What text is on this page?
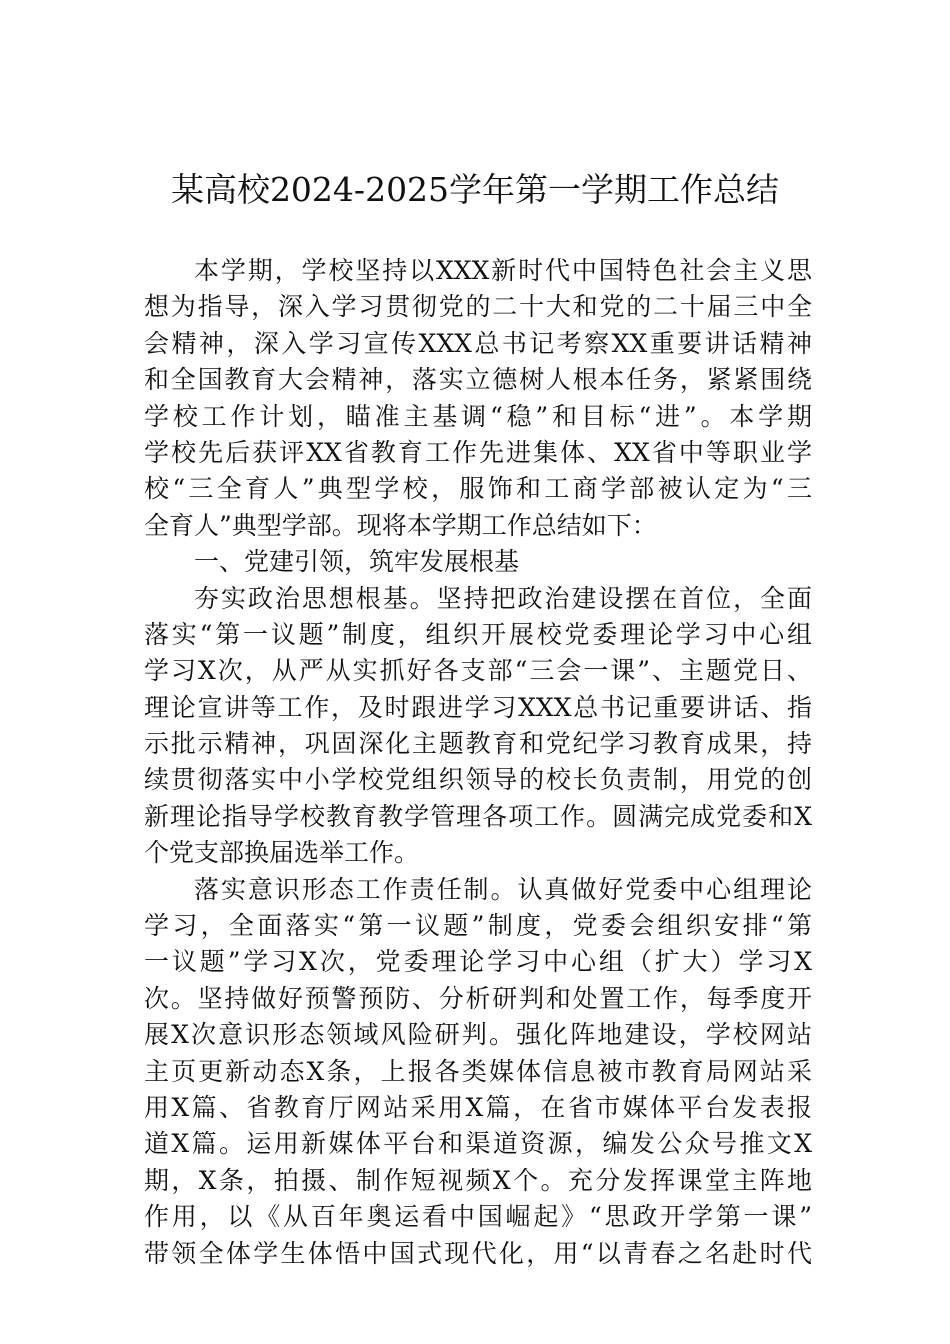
某高校2024-2025学年第一学期工作总结
本学期，学校坚持以XXX新时代中国特色社会主义思
想为指导，深入学习贯彻党的二十大和党的二十届三中全
会精神，深入学习宣传XXX总书记考察XX重要讲话精神
和全国教育大会精神，落实立德树人根本任务，紧紧围绕
学校工作计划，瞄准主基调“稳”和目标“进”。本学期
学校先后获评XX省教育工作先进集体、XX省中等职业学
校“三全育人”典型学校，服饰和工商学部被认定为“三
全育人”典型学部。现将本学期工作总结如下：
一、党建引领，筑牢发展根基
夯实政治思想根基。坚持把政治建设摆在首位，全面
落实“第一议题”制度，组织开展校党委理论学习中心组
学习X次，从严从实抓好各支部“三会一课”、主题党日、
理论宣讲等工作，及时跟进学习XXX总书记重要讲话、指
示批示精神，巩固深化主题教育和党纪学习教育成果，持
续贯彻落实中小学校党组织领导的校长负责制，用党的创
新理论指导学校教育教学管理各项工作。圆满完成党委和X
个党支部换届选举工作。
落实意识形态工作责任制。认真做好党委中心组理论
学习，全面落实“第一议题”制度，党委会组织安排“第
一议题”学习X次，党委理论学习中心组（扩大）学习X
次。坚持做好预警预防、分析研判和处置工作，每季度开
展X次意识形态领域风险研判。强化阵地建设，学校网站
主页更新动态X条，上报各类媒体信息被市教育局网站采
用X篇、省教育厅网站采用X篇，在省市媒体平台发表报
道X篇。运用新媒体平台和渠道资源，编发公众号推文X
期，X条，拍摄、制作短视频X个。充分发挥课堂主阵地
作用，以《从百年奥运看中国崛起》“思政开学第一课”
带领全体学生体悟中国式现代化，用“以青春之名赴时代
